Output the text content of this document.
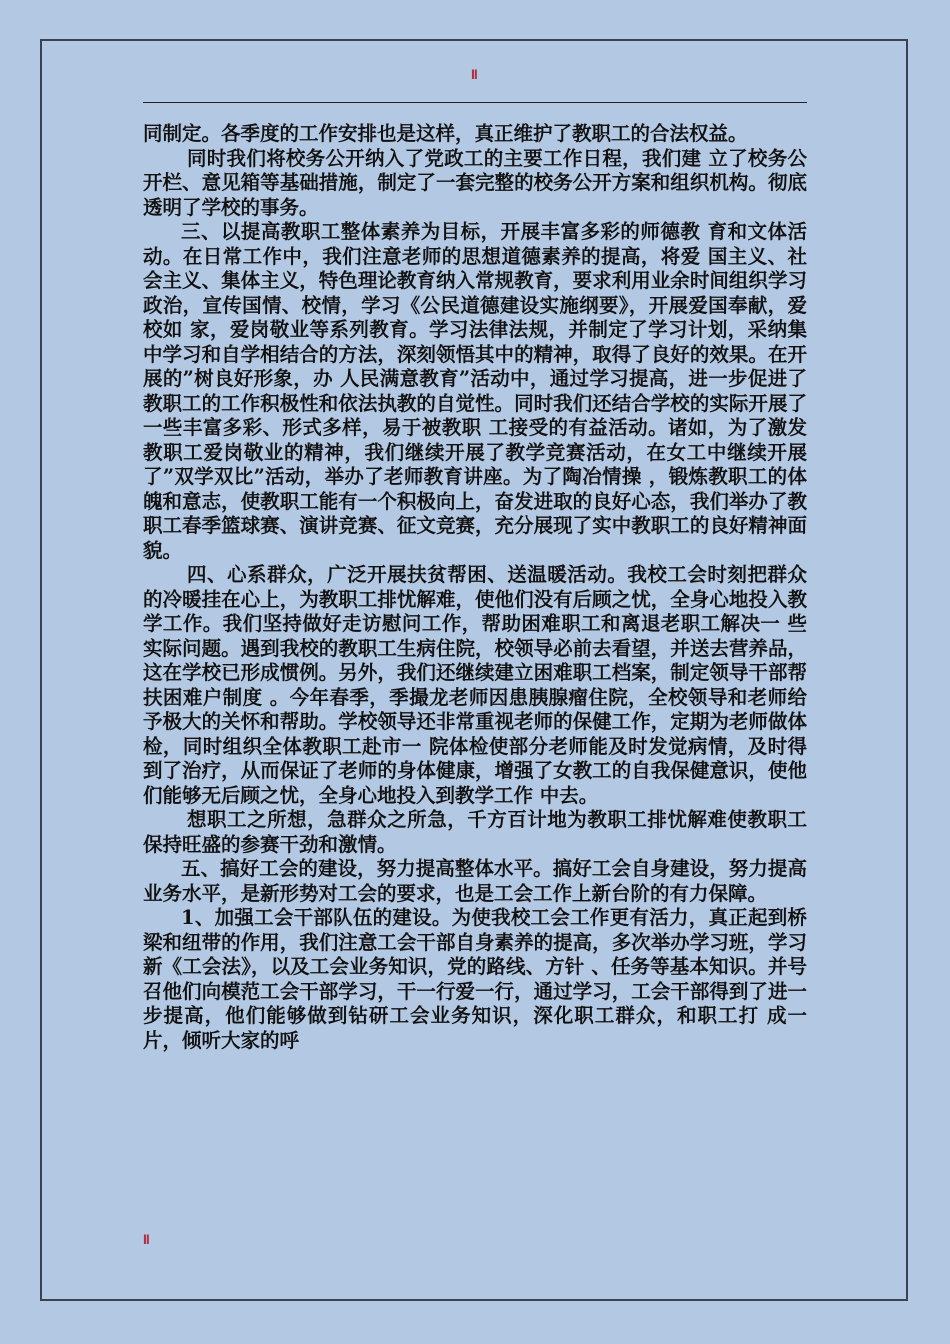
II

同制定。各季度的工作安排也是这样，真正维护了教职工的合法权益。

同时我们将校务公开纳入了党政工的主要工作日程，我们建 立了校务公开栏、意见箱等基础措施，制定了一套完整的校务公开方案和组织机构。彻底透明了学校的事务。

三、以提高教职工整体素养为目标，开展丰富多彩的师德教 育和文体活动。在日常工作中，我们注意老师的思想道德素养的提高，将爱 国主义、社会主义、集体主义，特色理论教育纳入常规教育，要求利用业余时间组织学习政治，宣传国情、校情，学习《公民道德建设实施纲要》，开展爱国奉献，爱校如 家，爱岗敬业等系列教育。学习法律法规，并制定了学习计划，采纳集中学习和自学相结合的方法，深刻领悟其中的精神，取得了良好的效果。在开展的”树良好形象，办 人民满意教育”活动中，通过学习提高，进一步促进了教职工的工作积极性和依法执教的自觉性。同时我们还结合学校的实际开展了一些丰富多彩、形式多样，易于被教职 工接受的有益活动。诸如，为了激发教职工爱岗敬业的精神，我们继续开展了教学竞赛活动，在女工中继续开展了”双学双比”活动，举办了老师教育讲座。为了陶冶情操 ，锻炼教职工的体魄和意志，使教职工能有一个积极向上，奋发进取的良好心态，我们举办了教职工春季篮球赛、演讲竞赛、征文竞赛，充分展现了实中教职工的良好精神面貌。

四、心系群众，广泛开展扶贫帮困、送温暖活动。我校工会时刻把群众的冷暖挂在心上，为教职工排忧解难，使他们没有后顾之忧，全身心地投入教学工作。我们坚持做好走访慰问工作，帮助困难职工和离退老职工解决一 些实际问题。遇到我校的教职工生病住院，校领导必前去看望，并送去营养品，这在学校已形成惯例。另外，我们还继续建立困难职工档案，制定领导干部帮扶困难户制度 。今年春季，季撮龙老师因患胰腺瘤住院，全校领导和老师给予极大的关怀和帮助。学校领导还非常重视老师的保健工作，定期为老师做体检，同时组织全体教职工赴市一 院体检使部分老师能及时发觉病情，及时得到了治疗，从而保证了老师的身体健康，增强了女教工的自我保健意识，使他们能够无后顾之忧，全身心地投入到教学工作 中去。

想职工之所想，急群众之所急，千方百计地为教职工排忧解难使教职工保持旺盛的参赛干劲和激情。

五、搞好工会的建设，努力提高整体水平。搞好工会自身建设，努力提高业务水平，是新形势对工会的要求，也是工会工作上新台阶的有力保障。

1、加强工会干部队伍的建设。为使我校工会工作更有活力，真正起到桥梁和纽带的作用，我们注意工会干部自身素养的提高，多次举办学习班，学习新《工会法》，以及工会业务知识，党的路线、方针 、任务等基本知识。并号召他们向模范工会干部学习，干一行爱一行，通过学习，工会干部得到了进一步提高，他们能够做到钻研工会业务知识，深化职工群众，和职工打 成一片，倾听大家的呼

II
